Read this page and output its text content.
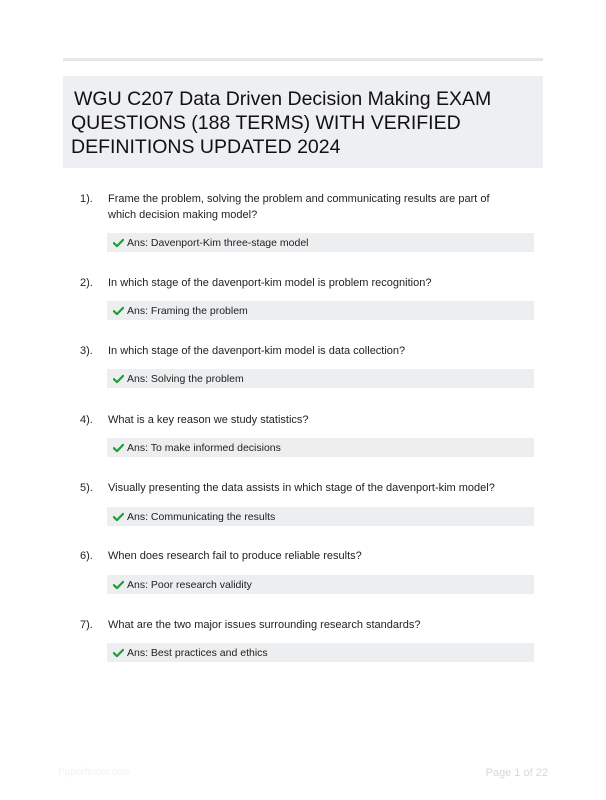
WGU C207 Data Driven Decision Making EXAM QUESTIONS (188 TERMS) WITH VERIFIED DEFINITIONS UPDATED 2024
1). Frame the problem, solving the problem and communicating results are part of which decision making model?
Ans: Davenport-Kim three-stage model
2). In which stage of the davenport-kim model is problem recognition?
Ans: Framing the problem
3). In which stage of the davenport-kim model is data collection?
Ans: Solving the problem
4). What is a key reason we study statistics?
Ans: To make informed decisions
5). Visually presenting the data assists in which stage of the davenport-kim model?
Ans: Communicating the results
6). When does research fail to produce reliable results?
Ans: Poor research validity
7). What are the two major issues surrounding research standards?
Ans: Best practices and ethics
Paperfinder.com	Page 1 of 22
